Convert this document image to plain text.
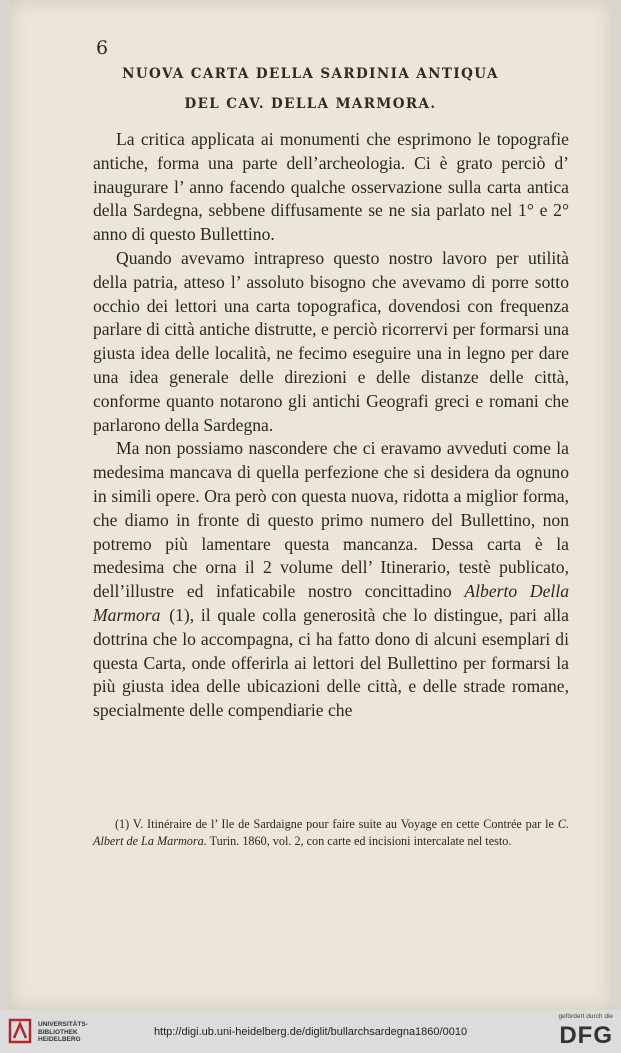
6
NUOVA CARTA DELLA SARDINIA ANTIQUA
DEL CAV. DELLA MARMORA.

La critica applicata ai monumenti che esprimono le topografie antiche, forma una parte dell’archeologia. Ci è grato perciò d’ inaugurare l’ anno facendo qualche osservazione sulla carta antica della Sardegna, sebbene diffusamente se ne sia parlato nel 1° e 2° anno di questo Bullettino.

Quando avevamo intrapreso questo nostro lavoro per utilità della patria, atteso l’ assoluto bisogno che avevamo di porre sotto occhio dei lettori una carta topografica, dovendosi con frequenza parlare di città antiche distrutte, e perciò ricorrervi per formarsi una giusta idea delle località, ne fecimo eseguire una in legno per dare una idea generale delle direzioni e delle distanze delle città, conforme quanto notarono gli antichi Geografi greci e romani che parlarono della Sardegna.

Ma non possiamo nascondere che ci eravamo avveduti come la medesima mancava di quella perfezione che si desidera da ognuno in simili opere. Ora però con questa nuova, ridotta a miglior forma, che diamo in fronte di questo primo numero del Bullettino, non potremo più lamentare questa mancanza. Dessa carta è la medesima che orna il 2 volume dell’ Itinerario, testè publicato, dell’illustre ed infaticabile nostro concittadino Alberto Della Marmora (1), il quale colla generosità che lo distingue, pari alla dottrina che lo accompagna, ci ha fatto dono di alcuni esemplari di questa Carta, onde offerirla ai lettori del Bullettino per formarsi la più giusta idea delle ubicazioni delle città, e delle strade romane, specialmente delle compendiarie che

(1) V. Itinéraire de l’ Ile de Sardaigne pour faire suite au Voyage en cette Contrée par le C. Albert de La Marmora. Turin. 1860, vol. 2, con carte ed incisioni intercalate nel testo.
UNIVERSITÄTS- BIBLIOTHEK HEIDELBERG
http://digi.ub.uni-heidelberg.de/diglit/bullarchsardegna1860/0010
gefördert durch die
DFG
